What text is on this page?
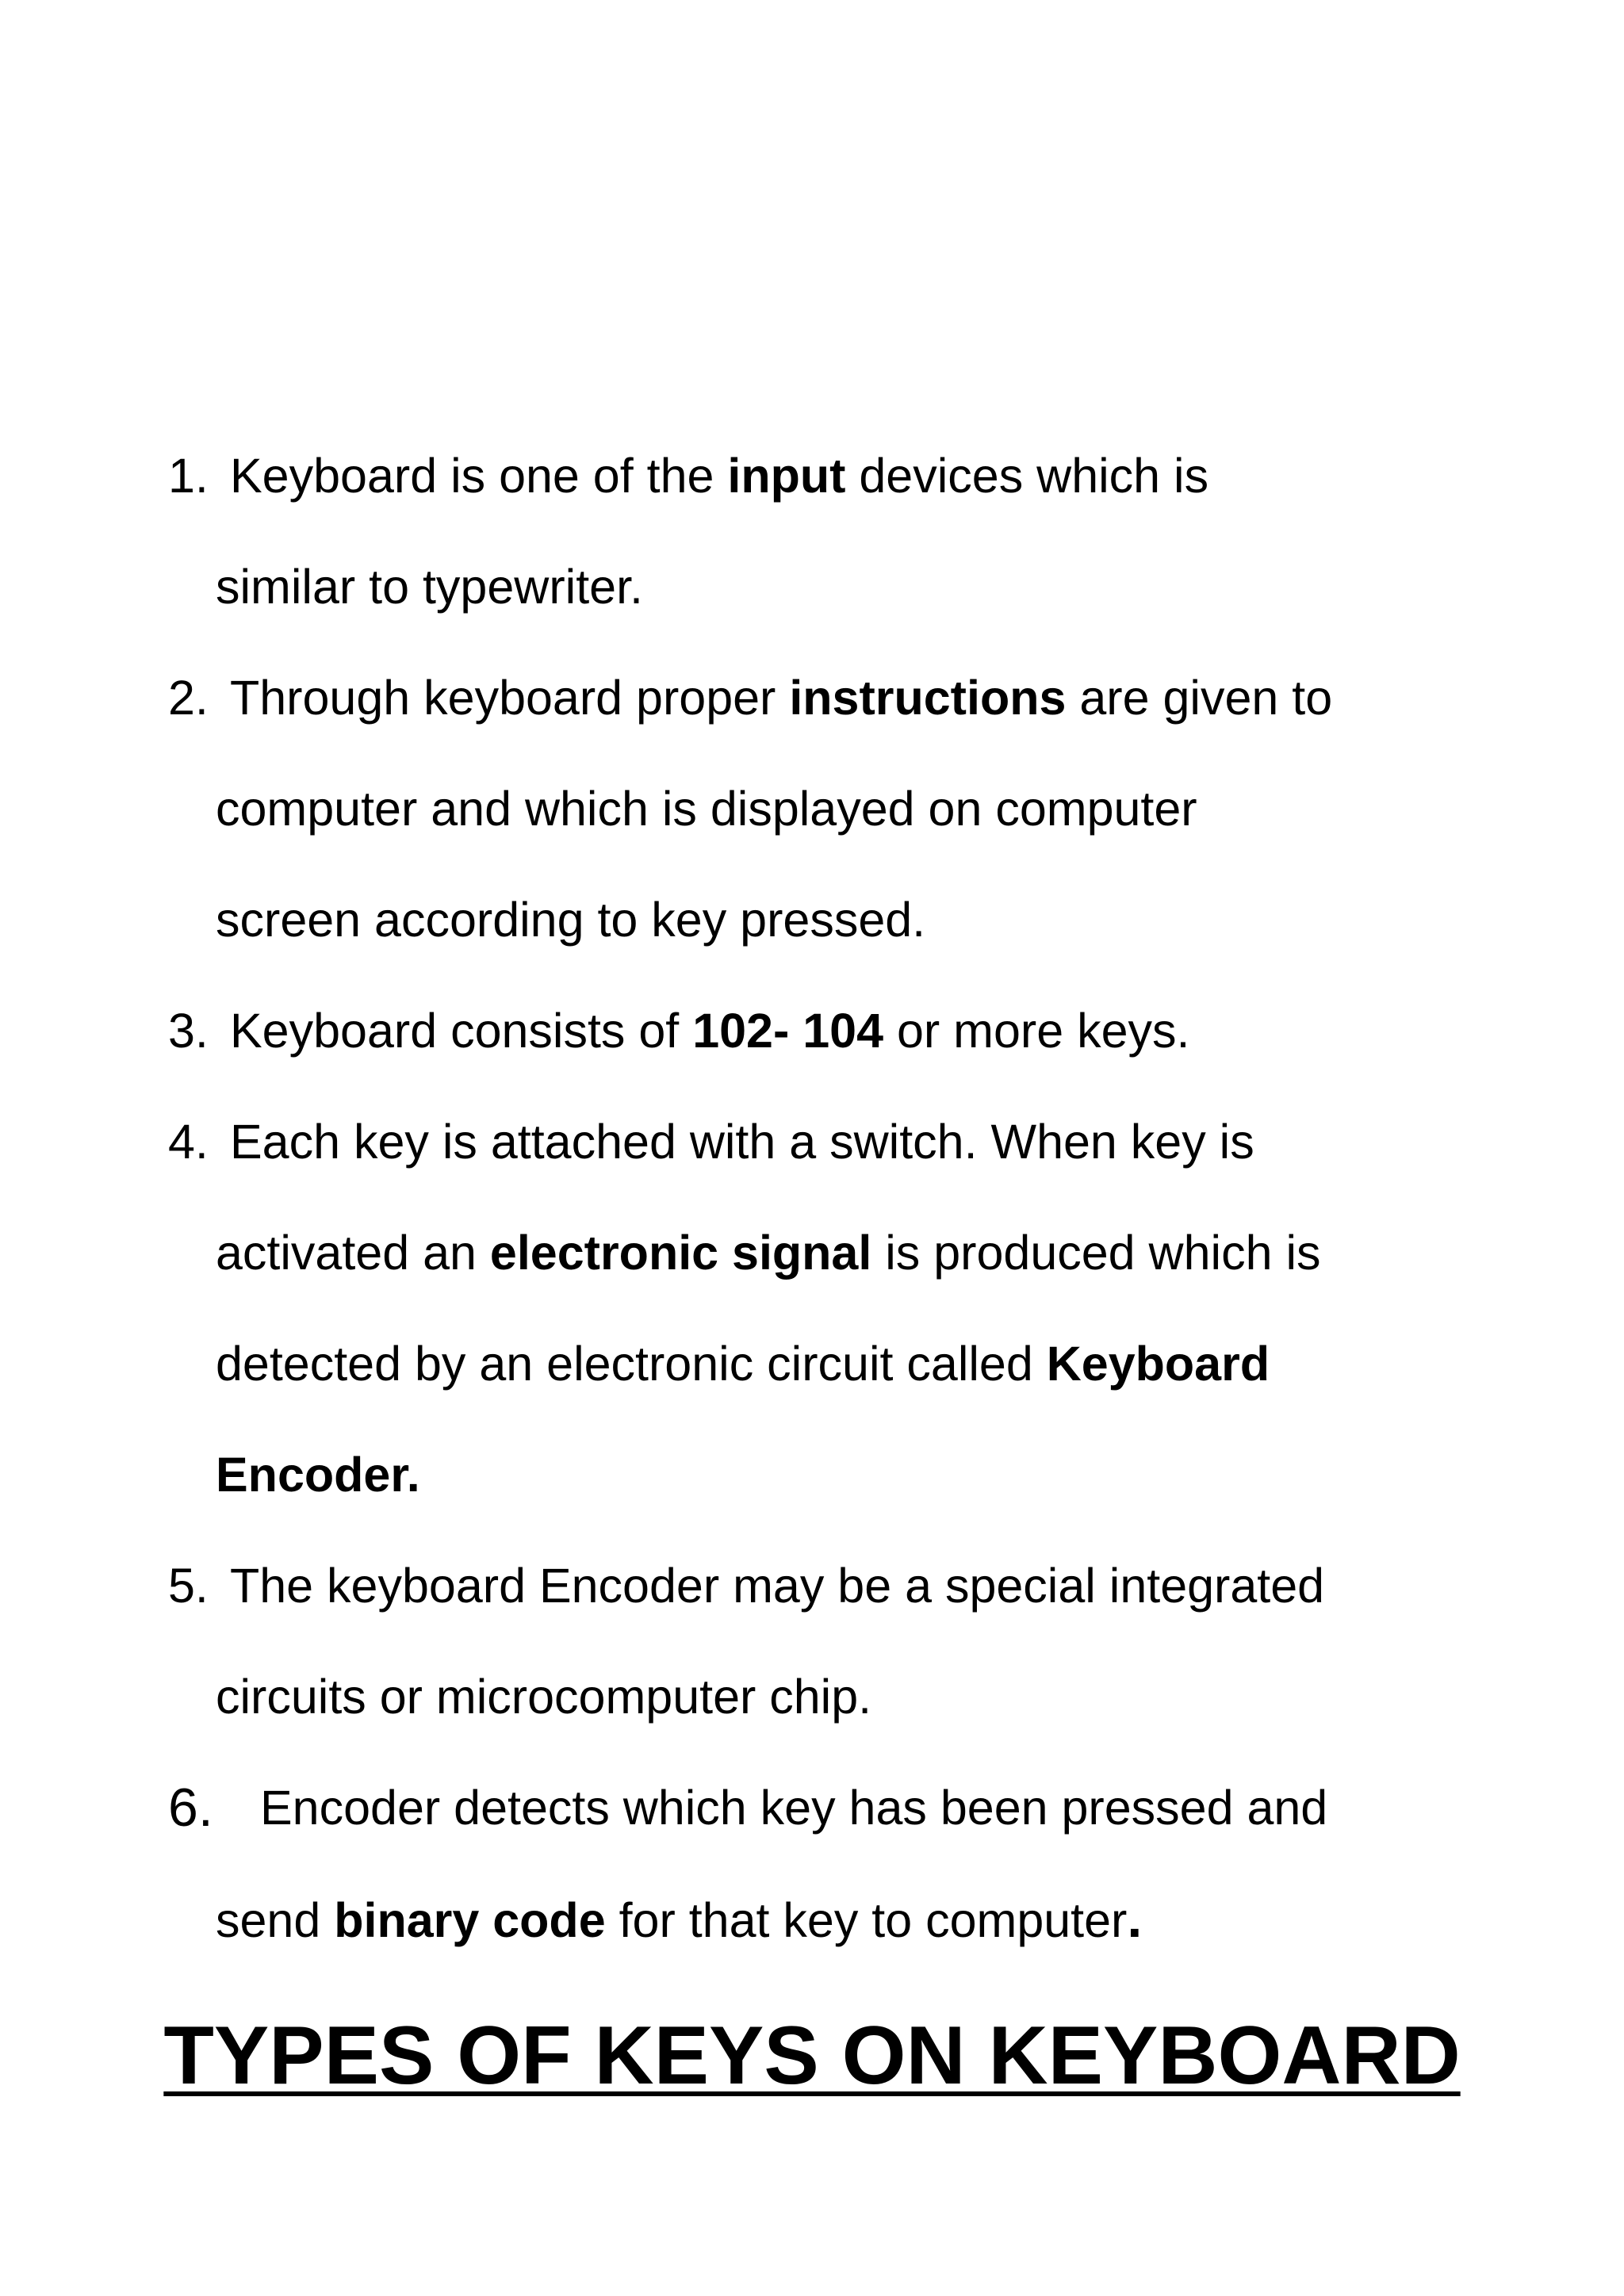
1. Keyboard is one of the input devices which is
similar to typewriter.
2. Through keyboard proper instructions are given to
computer and which is displayed on computer
screen according to key pressed.
3. Keyboard consists of 102- 104 or more keys.
4. Each key is attached with a switch. When key is
activated an electronic signal is produced which is
detected by an electronic circuit called Keyboard
Encoder.
5. The keyboard Encoder may be a special integrated
circuits or microcomputer chip.
6. Encoder detects which key has been pressed and
send binary code for that key to computer.
TYPES OF KEYS ON KEYBOARD
